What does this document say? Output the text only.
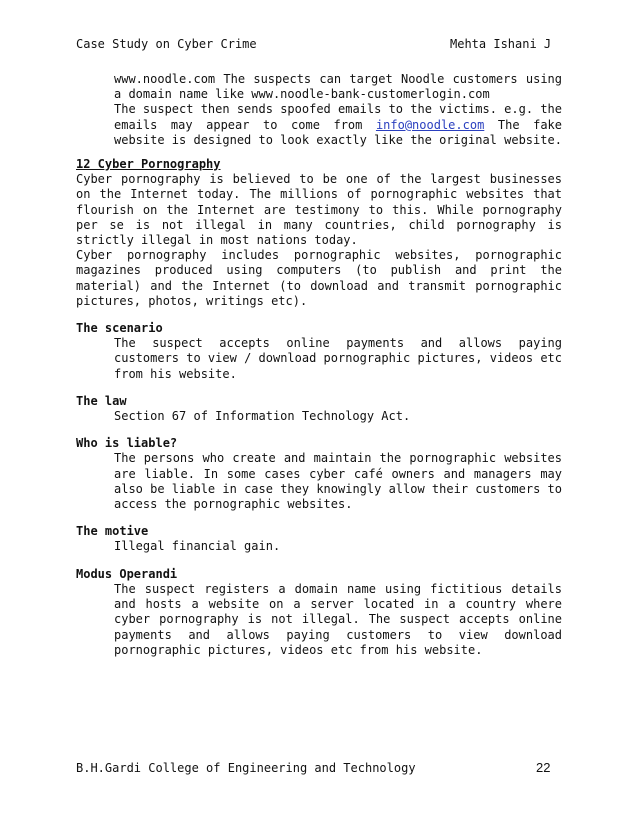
Case Study on Cyber Crime	Mehta Ishani J

www.noodle.com The suspects can target Noodle customers using a domain name like www.noodle-bank-customerlogin.com

The suspect then sends spoofed emails to the victims. e.g. the emails may appear to come from info@noodle.com The fake website is designed to look exactly like the original website.

12 Cyber Pornography

Cyber pornography is believed to be one of the largest businesses on the Internet today. The millions of pornographic websites that flourish on the Internet are testimony to this. While pornography per se is not illegal in many countries, child pornography is strictly illegal in most nations today.

Cyber pornography includes pornographic websites, pornographic magazines produced using computers (to publish and print the material) and the Internet (to download and transmit pornographic pictures, photos, writings etc).

The scenario

The suspect accepts online payments and allows paying customers to view / download pornographic pictures, videos etc from his website.

The law

Section 67 of Information Technology Act.

Who is liable?

The persons who create and maintain the pornographic websites are liable. In some cases cyber café owners and managers may also be liable in case they knowingly allow their customers to access the pornographic websites.

The motive

Illegal financial gain.

Modus Operandi

The suspect registers a domain name using fictitious details and hosts a website on a server located in a country where cyber pornography is not illegal. The suspect accepts online payments and allows paying customers to view download pornographic pictures, videos etc from his website.

B.H.Gardi College of Engineering and Technology	22
